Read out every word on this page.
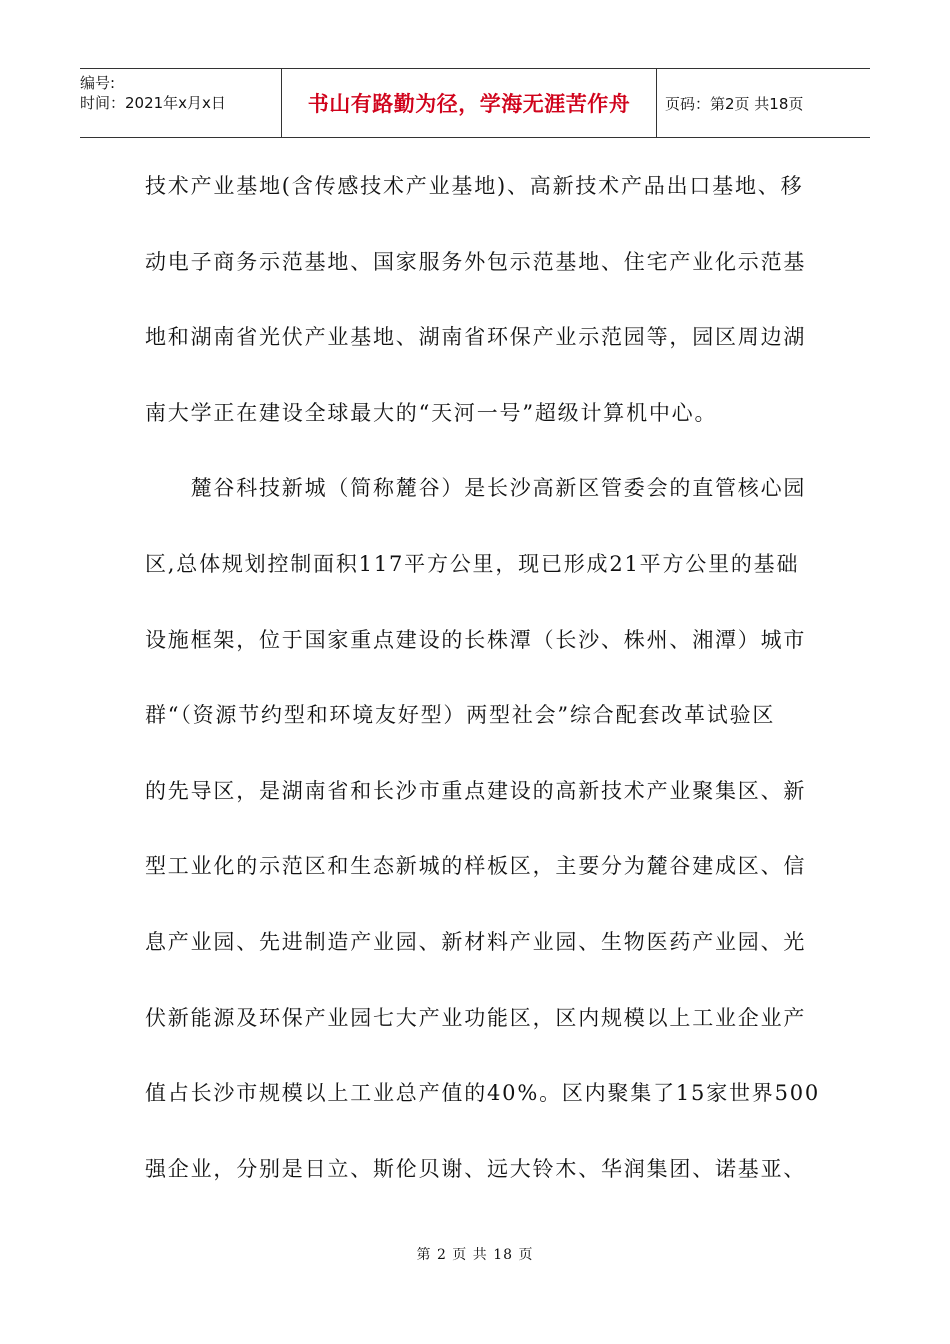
编号:
时间：2021年x月x日	书山有路勤为径，学海无涯苦作舟 页码：第2页 共18页
技术产业基地(含传感技术产业基地)、高新技术产品出口基地、移
动电子商务示范基地、国家服务外包示范基地、住宅产业化示范基
地和湖南省光伏产业基地、湖南省环保产业示范园等，园区周边湖
南大学正在建设全球最大的“天河一号”超级计算机中心。
　　麓谷科技新城（简称麓谷）是长沙高新区管委会的直管核心园
区,总体规划控制面积117平方公里，现已形成21平方公里的基础
设施框架，位于国家重点建设的长株潭（长沙、株州、湘潭）城市
群“（资源节约型和环境友好型）两型社会”综合配套改革试验区
的先导区，是湖南省和长沙市重点建设的高新技术产业聚集区、新
型工业化的示范区和生态新城的样板区，主要分为麓谷建成区、信
息产业园、先进制造产业园、新材料产业园、生物医药产业园、光
伏新能源及环保产业园七大产业功能区，区内规模以上工业企业产
值占长沙市规模以上工业总产值的40%。区内聚集了15家世界500
强企业，分别是日立、斯伦贝谢、远大铃木、华润集团、诺基亚、
第 2 页 共 18 页
